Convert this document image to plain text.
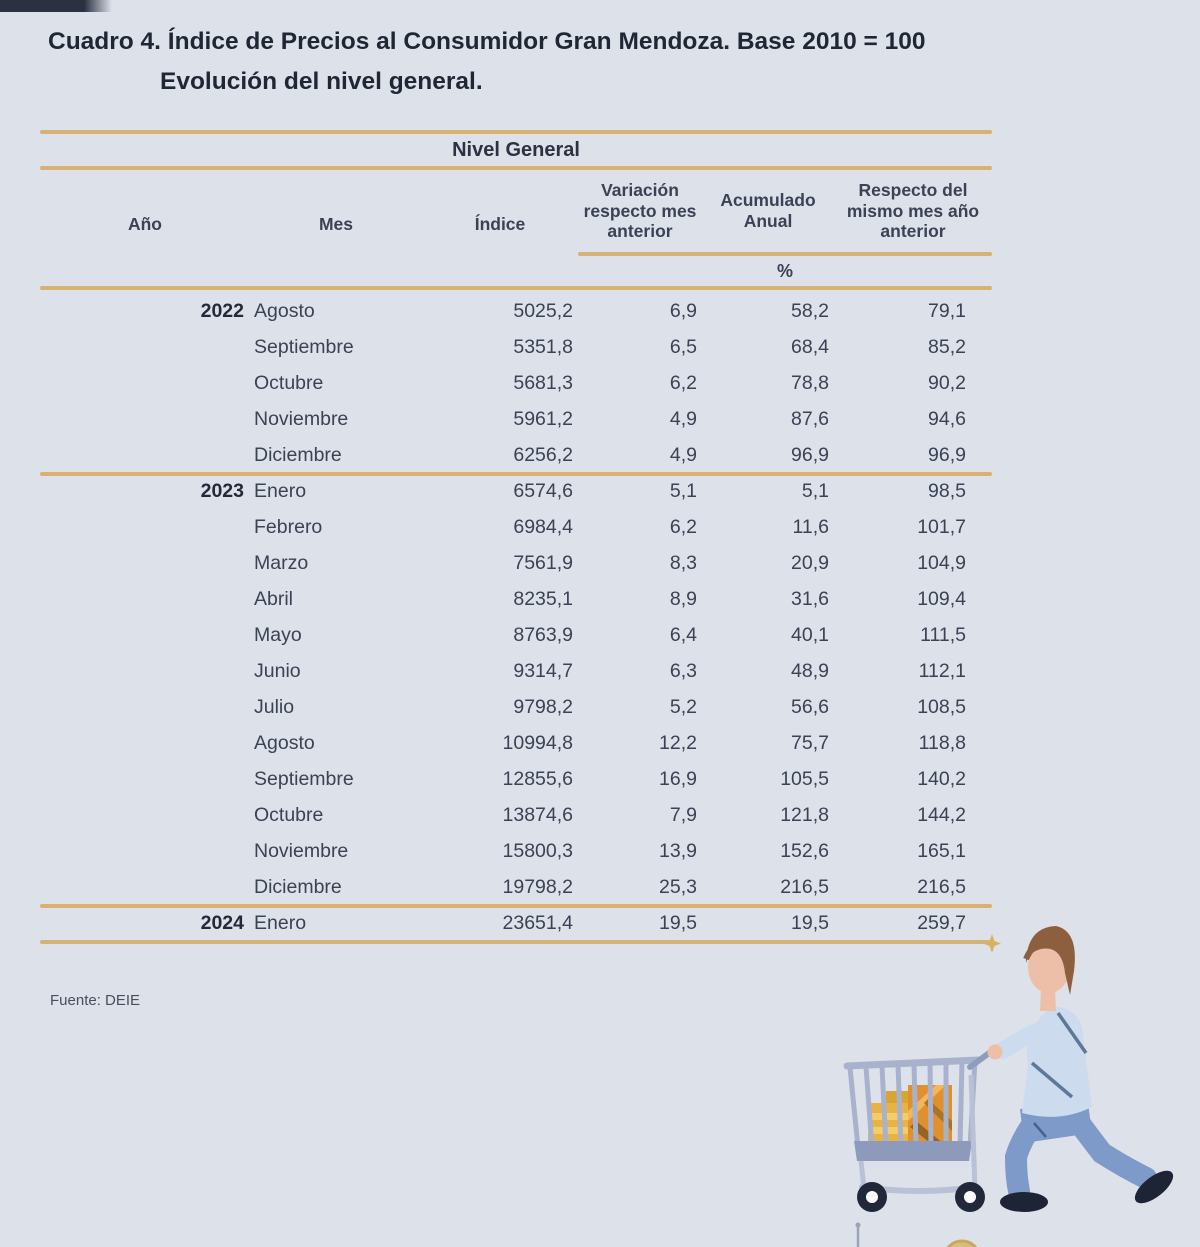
Cuadro 4. Índice de Precios al Consumidor Gran Mendoza. Base 2010 = 100
Evolución del nivel general.
Nivel General
Año	Mes	Índice
Variación respecto mes anterior
Acumulado Anual
Respecto del mismo mes año anterior
%
2022 Agosto	5025,2	6,9	58,2	79,1
Septiembre	5351,8	6,5	68,4	85,2
Octubre	5681,3	6,2	78,8	90,2
Noviembre	5961,2	4,9	87,6	94,6
Diciembre	6256,2	4,9	96,9	96,9
2023 Enero	6574,6	5,1	5,1	98,5
Febrero	6984,4	6,2	11,6	101,7
Marzo	7561,9	8,3	20,9	104,9
Abril	8235,1	8,9	31,6	109,4
Mayo	8763,9	6,4	40,1	111,5
Junio	9314,7	6,3	48,9	112,1
Julio	9798,2	5,2	56,6	108,5
Agosto	10994,8	12,2	75,7	118,8
Septiembre	12855,6	16,9	105,5	140,2
Octubre	13874,6	7,9	121,8	144,2
Noviembre	15800,3	13,9	152,6	165,1
Diciembre	19798,2	25,3	216,5	216,5
2024 Enero	23651,4	19,5	19,5	259,7
Fuente: DEIE
